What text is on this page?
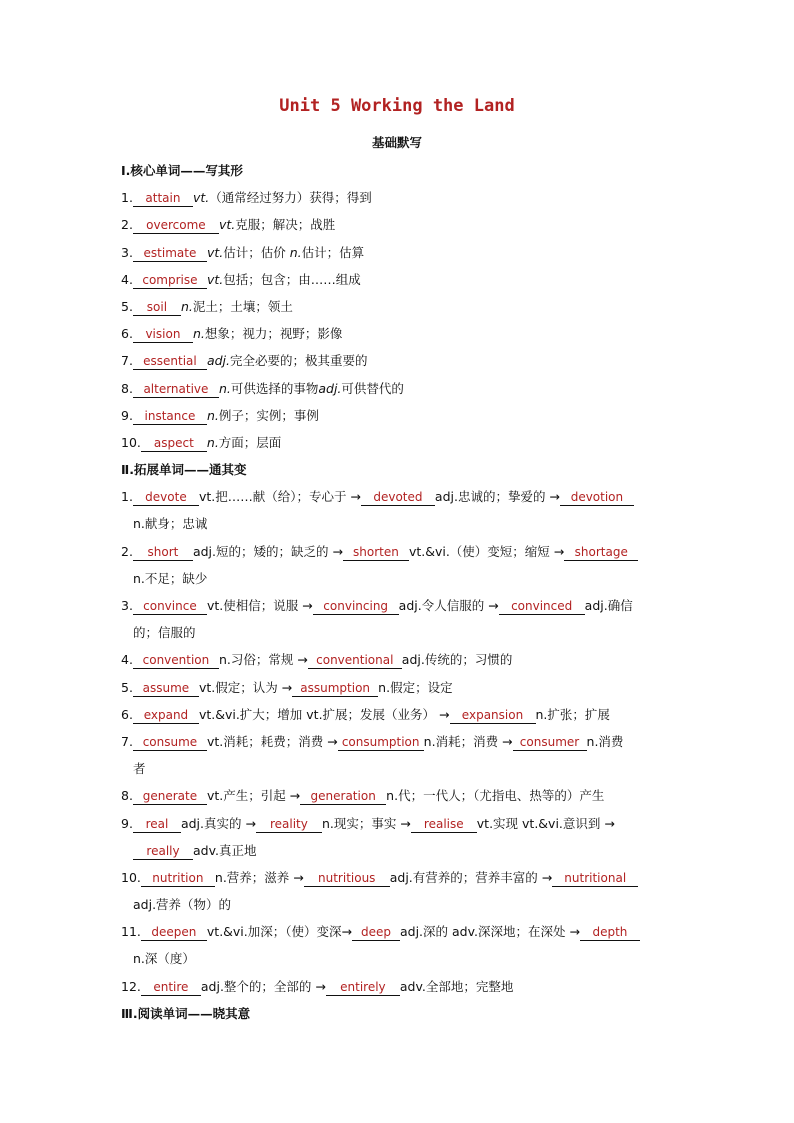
Unit 5 Working the Land
基础默写
Ⅰ.核心单词——写其形
1. attain vt.（通常经过努力）获得；得到
2. overcome vt.克服；解决；战胜
3. estimate vt.估计；估价 n.估计；估算
4. comprise vt.包括；包含；由……组成
5. soil n.泥土；土壤；领土
6. vision n.想象；视力；视野；影像
7. essential adj.完全必要的；极其重要的
8. alternative n.可供选择的事物adj.可供替代的
9. instance n.例子；实例；事例
10. aspect n.方面；层面
Ⅱ.拓展单词——通其变
1. devote vt.把……献（给）；专心于 → devoted adj.忠诚的；挚爱的 → devotion
n.献身；忠诚
2. short adj.短的；矮的；缺乏的 → shorten vt.&vi.（使）变短；缩短 → shortage
n.不足；缺少
3. convince vt.使相信；说服 → convincing adj.令人信服的 → convinced adj.确信
的；信服的
4. convention n.习俗；常规 → conventional adj.传统的；习惯的
5. assume vt.假定；认为 → assumption n.假定；设定
6. expand vt.&vi.扩大；增加 vt.扩展；发展（业务） → expansion n.扩张；扩展
7. consume vt.消耗；耗费；消费 → consumption n.消耗；消费 → consumer n.消费
者
8. generate vt.产生；引起 → generation n.代；一代人；（尤指电、热等的）产生
9. real adj.真实的 → reality n.现实；事实 → realise vt.实现 vt.&vi.意识到 →
really adv.真正地
10. nutrition n.营养；滋养 → nutritious adj.有营养的；营养丰富的 → nutritional
adj.营养（物）的
11. deepen vt.&vi.加深；（使）变深→ deep adj.深的 adv.深深地；在深处 → depth
n.深（度）
12. entire adj.整个的；全部的 → entirely adv.全部地；完整地
Ⅲ.阅读单词——晓其意
